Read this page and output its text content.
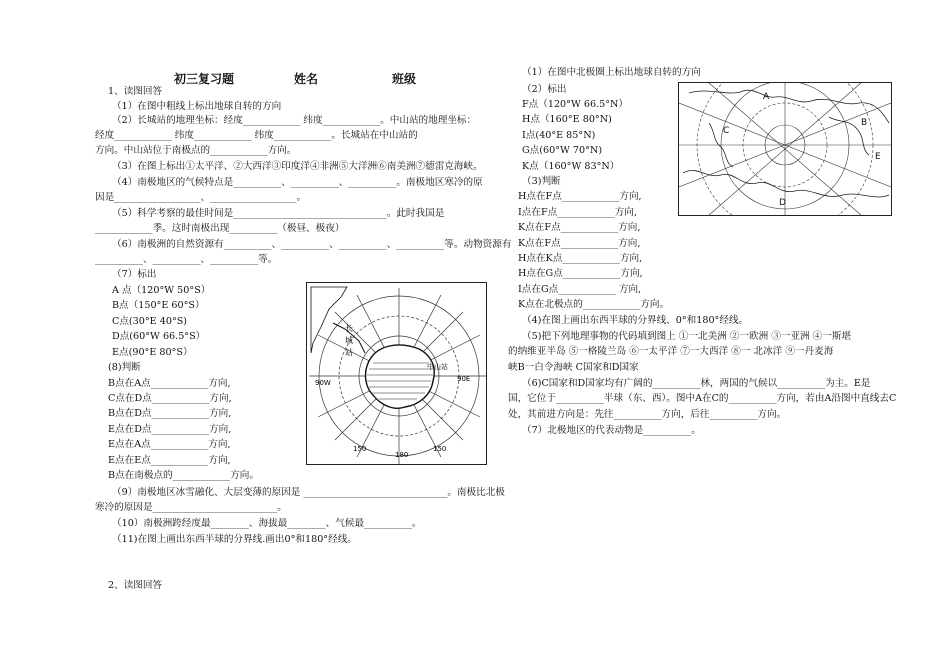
初三复习题	姓名	班级
1、读图回答
（1）在图中粗线上标出地球自转的方向
（2）长城站的地理坐标：经度____________ 纬度____________。中山站的地理坐标：
经度____________ 纬度____________ 纬度____________。长城站在中山站的
方向。中山站位于南极点的____________方向。
（3）在图上标出①太平洋、②大西洋③印度洋④非洲⑤大洋洲⑥南美洲⑦德雷克海峡。
（4）南极地区的气候特点是__________、__________、__________。南极地区寒冷的原
因是__________________、__________________。
（5）科学考察的最佳时间是________________________________。此时我国是
____________季。这时南极出现__________（极昼、极夜）
（6）南极洲的自然资源有__________、__________、__________、__________等。动物资源有
__________、__________、__________等。
（7）标出
A 点（120°W 50°S）
B点（150°E 60°S）
C点(30°E 40°S)
D点(60°W 66.5°S）
E点(90°E 80°S）
(8)判断
B点在A点____________方向,
C点在D点____________方向,
B点在D点____________方向,
E点在D点____________方向,
E点在A点____________方向,
E点在E点____________方向,
B点在南极点的____________方向。
（9）南极地区冰雪融化、大层变薄的原因是 ______________________________。南极比北极
寒冷的原因是__________________________。
（10）南极洲跨经度最________、海拔最________、气候最__________。
（11)在图上画出东西半球的分界线.画出0°和180°经线。
2、读图回答
长
城
站
中山站
90W	90E
150
180
150
（1）在图中北极圈上标出地球自转的方向
（2）标出
F点（120°W 66.5°N）
H点（160°E 80°N)
I点(40°E 85°N)
G点(60°W 70°N)
K点（160°W 83°N）
（3)判断
H点在F点____________方向,
I点在F点____________方向,
K点在F点____________方向,
K点在F点____________方向,
H点在K点____________方向,
H点在G点____________方向,
I点在G点____________ 方向,
K点在北极点的____________方向。
（4)在图上画出东西半球的分界线、0°和180°经线。
（5)把下列地理事物的代码填到图上 ①一北美洲 ②一欧洲 ③一亚洲 ④一斯堪
的纳维亚半岛 ⑤一格陵兰岛 ⑥一太平洋 ⑦一大西洋 ⑧一 北冰洋 ⑨一丹麦海
峡B一白令海峡 C国家和D国家
（6)C国家和D国家均有广阔的__________林，两国的气候以__________为主。E是
国，它位于__________半球（东、西）。图中A在C的__________方向，若由A沿图中直线去C
处，其前进方向是：先往__________方向，后往__________方向。
（7）北极地区的代表动物是__________。
A
B
C
D
E
